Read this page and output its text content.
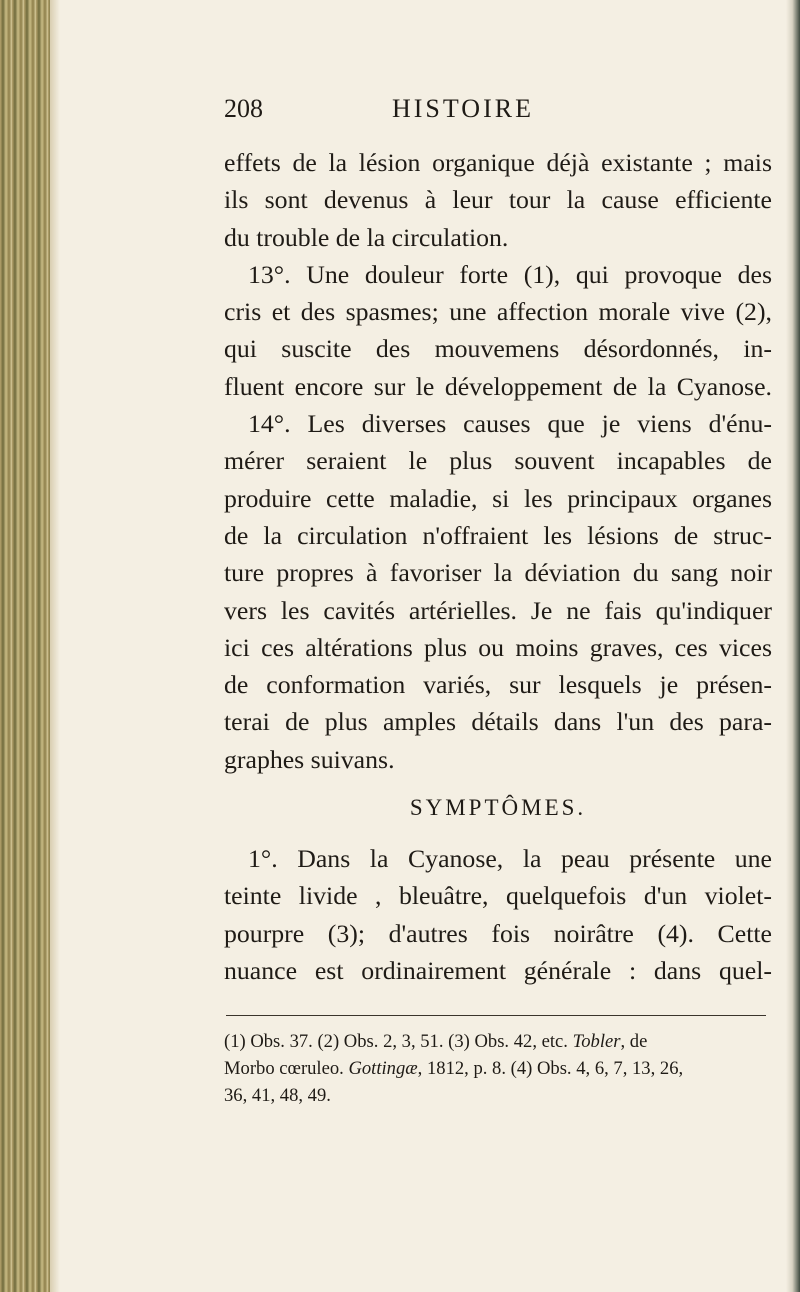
208	HISTOIRE
effets de la lésion organique déjà existante ; mais
ils sont devenus à leur tour la cause efficiente
du trouble de la circulation.
13°. Une douleur forte (1), qui provoque des
cris et des spasmes; une affection morale vive (2),
qui suscite des mouvemens désordonnés, in-
fluent encore sur le développement de la Cyanose.
14°. Les diverses causes que je viens d'énu-
mérer seraient le plus souvent incapables de
produire cette maladie, si les principaux organes
de la circulation n'offraient les lésions de struc-
ture propres à favoriser la déviation du sang noir
vers les cavités artérielles. Je ne fais qu'indiquer
ici ces altérations plus ou moins graves, ces vices
de conformation variés, sur lesquels je présen-
terai de plus amples détails dans l'un des para-
graphes suivans.
SYMPTÔMES.
1°. Dans la Cyanose, la peau présente une
teinte livide , bleuâtre, quelquefois d'un violet-
pourpre (3); d'autres fois noirâtre (4). Cette
nuance est ordinairement générale : dans quel-
(1) Obs. 37. (2) Obs. 2, 3, 51. (3) Obs. 42, etc. Tobler, de
Morbo cœruleo. Gottingæ, 1812, p. 8. (4) Obs. 4, 6, 7, 13, 26,
36, 41, 48, 49.
